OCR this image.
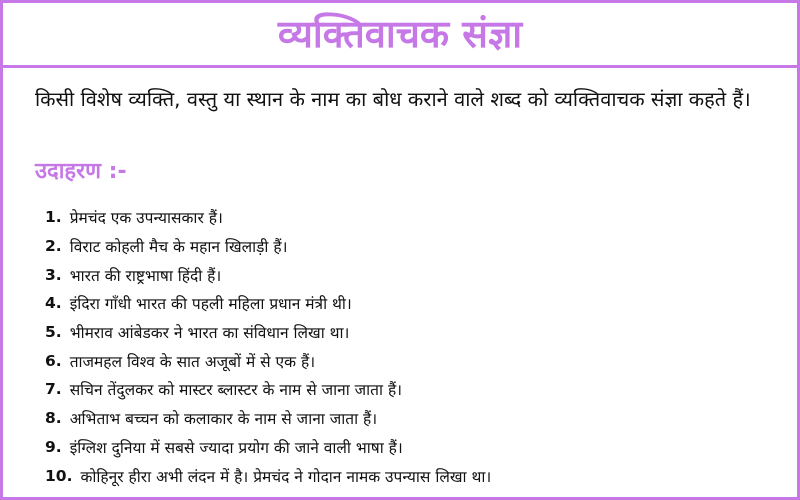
व्यक्तिवाचक संज्ञा
किसी विशेष व्यक्ति, वस्तु या स्थान के नाम का बोध कराने वाले शब्द को व्यक्तिवाचक संज्ञा कहते हैं।
उदाहरण :-
1. प्रेमचंद एक उपन्यासकार हैं।
2. विराट कोहली मैच के महान खिलाड़ी हैं।
3. भारत की राष्ट्रभाषा हिंदी हैं।
4. इंदिरा गाँधी भारत की पहली महिला प्रधान मंत्री थी।
5. भीमराव आंबेडकर ने भारत का संविधान लिखा था।
6. ताजमहल विश्व के सात अजूबों में से एक हैं।
7. सचिन तेंदुलकर को मास्टर ब्लास्टर के नाम से जाना जाता हैं।
8. अभिताभ बच्चन को कलाकार के नाम से जाना जाता हैं।
9. इंग्लिश दुनिया में सबसे ज्यादा प्रयोग की जाने वाली भाषा हैं।
10. कोहिनूर हीरा अभी लंदन में है। प्रेमचंद ने गोदान नामक उपन्यास लिखा था।
